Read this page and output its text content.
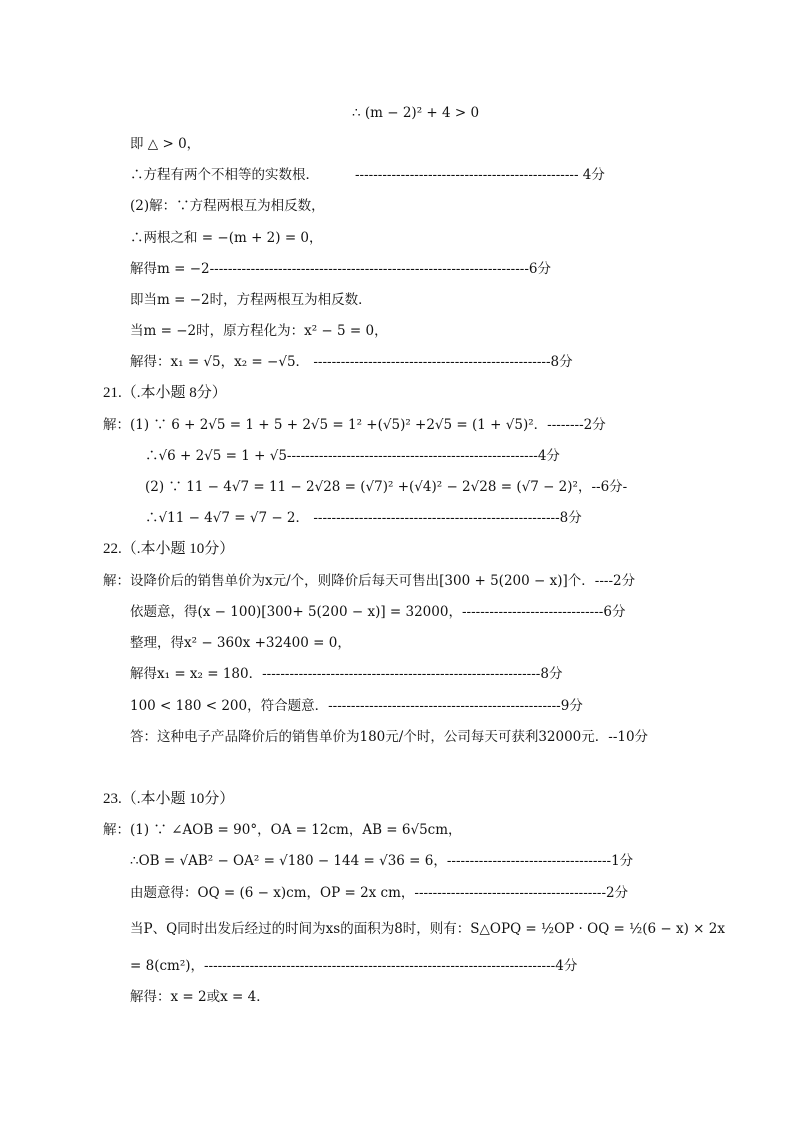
∴ (m − 2)² + 4 > 0
即 △ > 0，
∴方程有两个不相等的实数根．	------------------------------------------------- 4分
(2)解：∵方程两根互为相反数，
∴两根之和 = −(m + 2) = 0，
解得m = −2----------------------------------------------------------------------6分
即当m = −2时，方程两根互为相反数．
当m = −2时，原方程化为：x² − 5 = 0，
解得：x₁ = √5，x₂ = −√5． ----------------------------------------------------8分
21.（.本小题 8分）
解：(1) ∵ 6 + 2√5 = 1 + 5 + 2√5 = 1² +(√5)² +2√5 = (1 + √5)²．--------2分
∴√6 + 2√5 = 1 + √5-------------------------------------------------------4分
(2) ∵ 11 − 4√7 = 11 − 2√28 = (√7)² +(√4)² − 2√28 = (√7 − 2)²，--6分-
∴√11 − 4√7 = √7 − 2． ------------------------------------------------------8分
22.（.本小题 10分）
解：设降价后的销售单价为x元/个，则降价后每天可售出[300 + 5(200 − x)]个．----2分
依题意，得(x − 100)[300+ 5(200 − x)] = 32000，-------------------------------6分
整理，得x² − 360x +32400 = 0，
解得x₁ = x₂ = 180．-------------------------------------------------------------8分
100 < 180 < 200，符合题意．---------------------------------------------------9分
答：这种电子产品降价后的销售单价为180元/个时，公司每天可获利32000元．--10分
23.（.本小题 10分）
解：(1) ∵ ∠AOB = 90°，OA = 12cm，AB = 6√5cm，
∴OB = √AB² − OA² = √180 − 144 = √36 = 6，------------------------------------1分
由题意得：OQ = (6 − x)cm，OP = 2x cm，------------------------------------------2分
当P、Q同时出发后经过的时间为xs的面积为8时，则有：S△OPQ = ½OP · OQ = ½(6 − x) × 2x
= 8(cm²)，-----------------------------------------------------------------------------4分
解得：x = 2或x = 4．
